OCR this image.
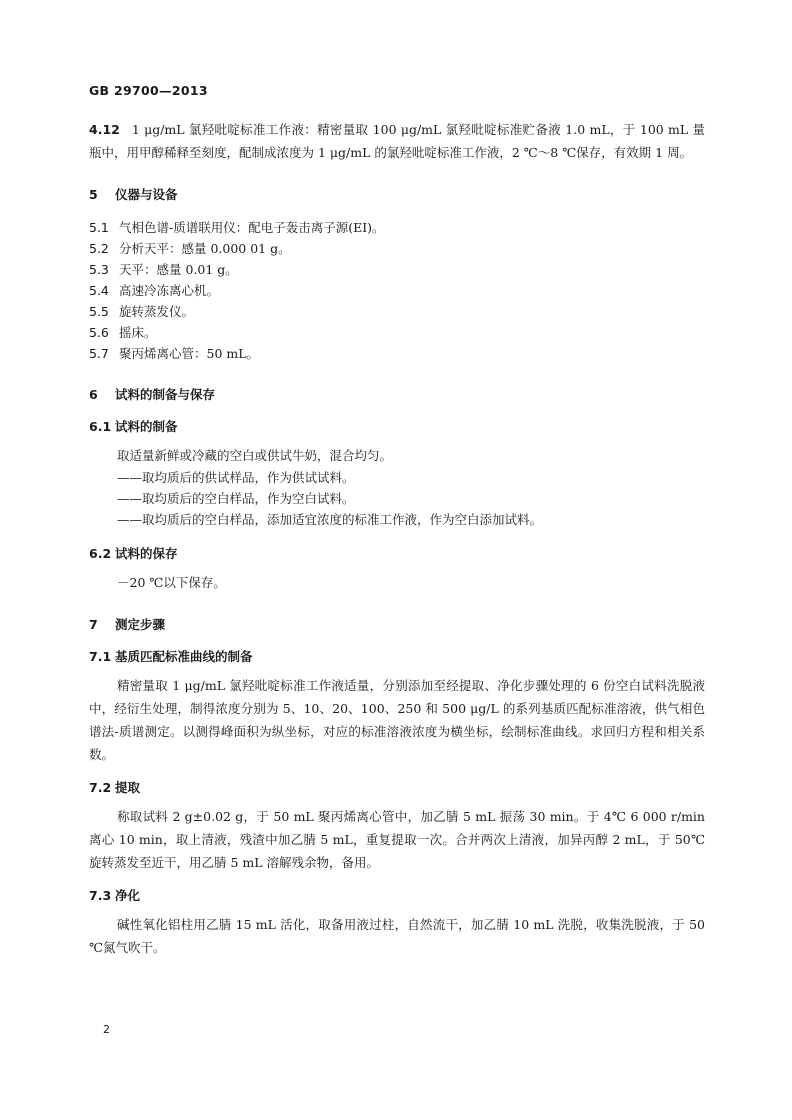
GB 29700—2013

4.12 1 μg/mL 氯羟吡啶标准工作液：精密量取 100 μg/mL 氯羟吡啶标准贮备液 1.0 mL，于 100 mL 量瓶中，用甲醇稀释至刻度，配制成浓度为 1 μg/mL 的氯羟吡啶标准工作液，2 ℃～8 ℃保存，有效期 1 周。

5 仪器与设备
5.1 气相色谱-质谱联用仪：配电子轰击离子源(EI)。
5.2 分析天平：感量 0.000 01 g。
5.3 天平：感量 0.01 g。
5.4 高速冷冻离心机。
5.5 旋转蒸发仪。
5.6 摇床。
5.7 聚丙烯离心管：50 mL。
6 试料的制备与保存
6.1 试料的制备

取适量新鲜或冷藏的空白或供试牛奶，混合均匀。

——取均质后的供试样品，作为供试试料。
——取均质后的空白样品，作为空白试料。
——取均质后的空白样品，添加适宜浓度的标准工作液，作为空白添加试料。
6.2 试料的保存

－20 ℃以下保存。

7 测定步骤
7.1 基质匹配标准曲线的制备

精密量取 1 μg/mL 氯羟吡啶标准工作液适量，分别添加至经提取、净化步骤处理的 6 份空白试料洗脱液中，经衍生处理，制得浓度分别为 5、10、20、100、250 和 500 μg/L 的系列基质匹配标准溶液，供气相色谱法-质谱测定。以测得峰面积为纵坐标，对应的标准溶液浓度为横坐标，绘制标准曲线。求回归方程和相关系数。

7.2 提取

称取试料 2 g±0.02 g，于 50 mL 聚丙烯离心管中，加乙腈 5 mL 振荡 30 min。于 4℃ 6 000 r/min 离心 10 min，取上清液，残渣中加乙腈 5 mL，重复提取一次。合并两次上清液，加异丙醇 2 mL，于 50℃ 旋转蒸发至近干，用乙腈 5 mL 溶解残余物，备用。

7.3 净化

碱性氧化铝柱用乙腈 15 mL 活化，取备用液过柱，自然流干，加乙腈 10 mL 洗脱，收集洗脱液，于 50 ℃氮气吹干。

2
